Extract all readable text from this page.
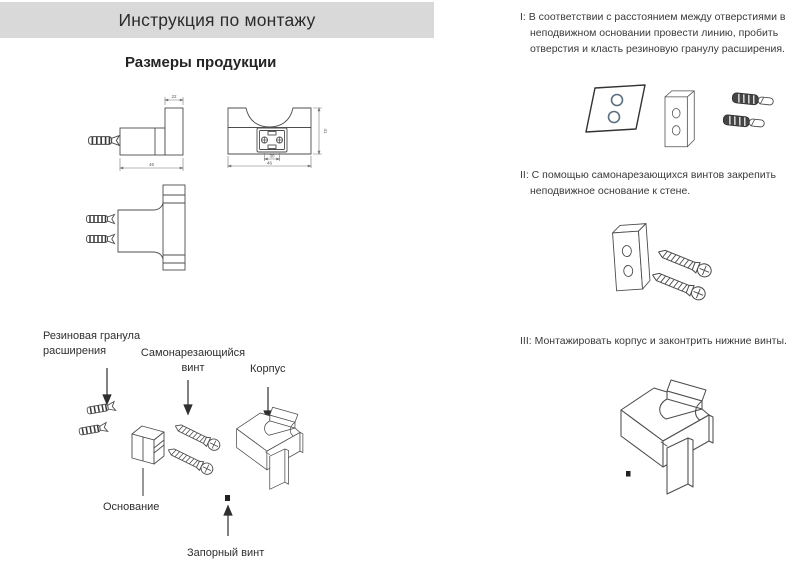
Инструкция по монтажу
Размеры продукции
22
46
41
30
46
Резиновая гранула расширения	Самонарезающийся винт	Корпус
Основание
Запорный винт

I: В соответствии с расстоянием между отверстиями в неподвижном основании провести линию, пробить отверстия и класть резиновую гранулу расширения.

II: С помощью самонарезающихся винтов закрепить неподвижное основание к стене.

III: Монтажировать корпус и законтрить нижние винты.
